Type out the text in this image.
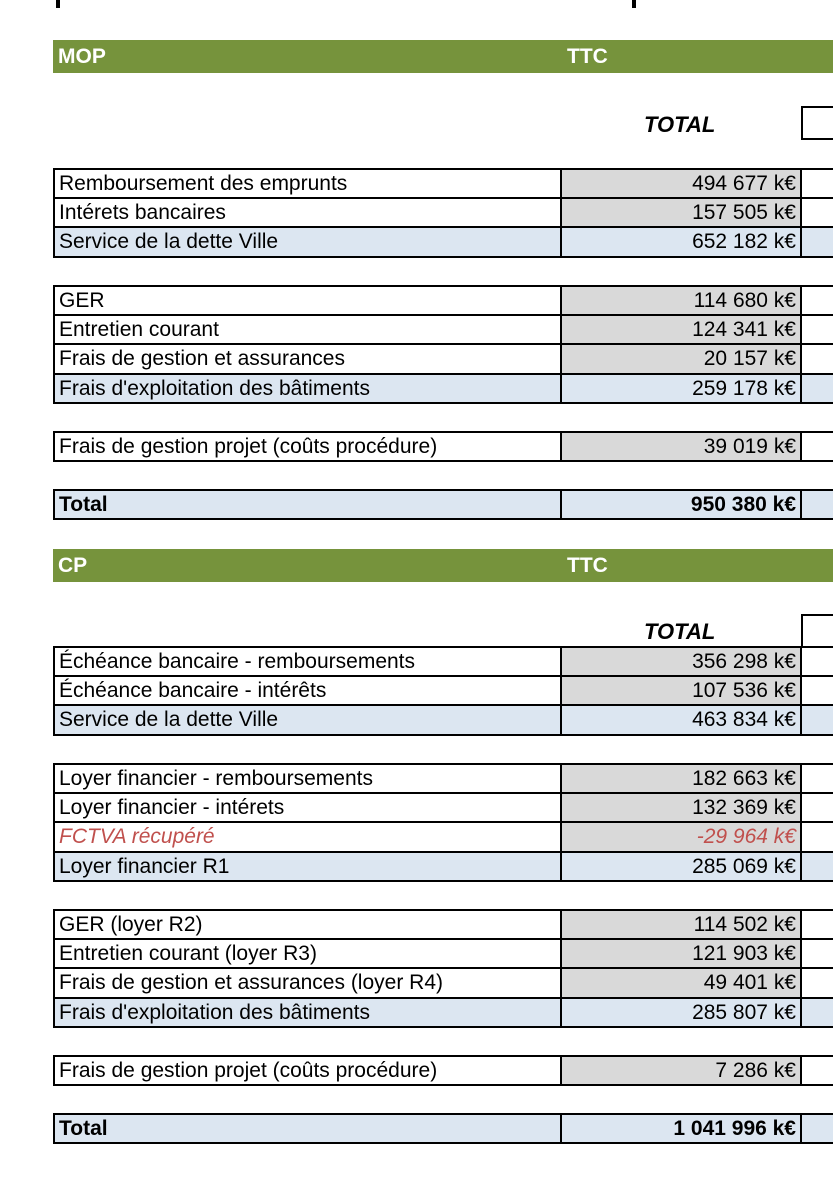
MOP	TTC
TOTAL
Remboursement des emprunts	494 677 k€
Intérets bancaires	157 505 k€
Service de la dette Ville	652 182 k€
GER	114 680 k€
Entretien courant	124 341 k€
Frais de gestion et assurances	20 157 k€
Frais d'exploitation des bâtiments	259 178 k€
Frais de gestion projet (coûts procédure)	39 019 k€
Total	950 380 k€
CP	TTC
TOTAL
Échéance bancaire - remboursements	356 298 k€
Échéance bancaire - intérêts	107 536 k€
Service de la dette Ville	463 834 k€
Loyer financier - remboursements	182 663 k€
Loyer financier - intérets	132 369 k€
FCTVA récupéré	-29 964 k€
Loyer financier R1	285 069 k€
GER (loyer R2)	114 502 k€
Entretien courant (loyer R3)	121 903 k€
Frais de gestion et assurances (loyer R4)	49 401 k€
Frais d'exploitation des bâtiments	285 807 k€
Frais de gestion projet (coûts procédure)	7 286 k€
Total	1 041 996 k€
